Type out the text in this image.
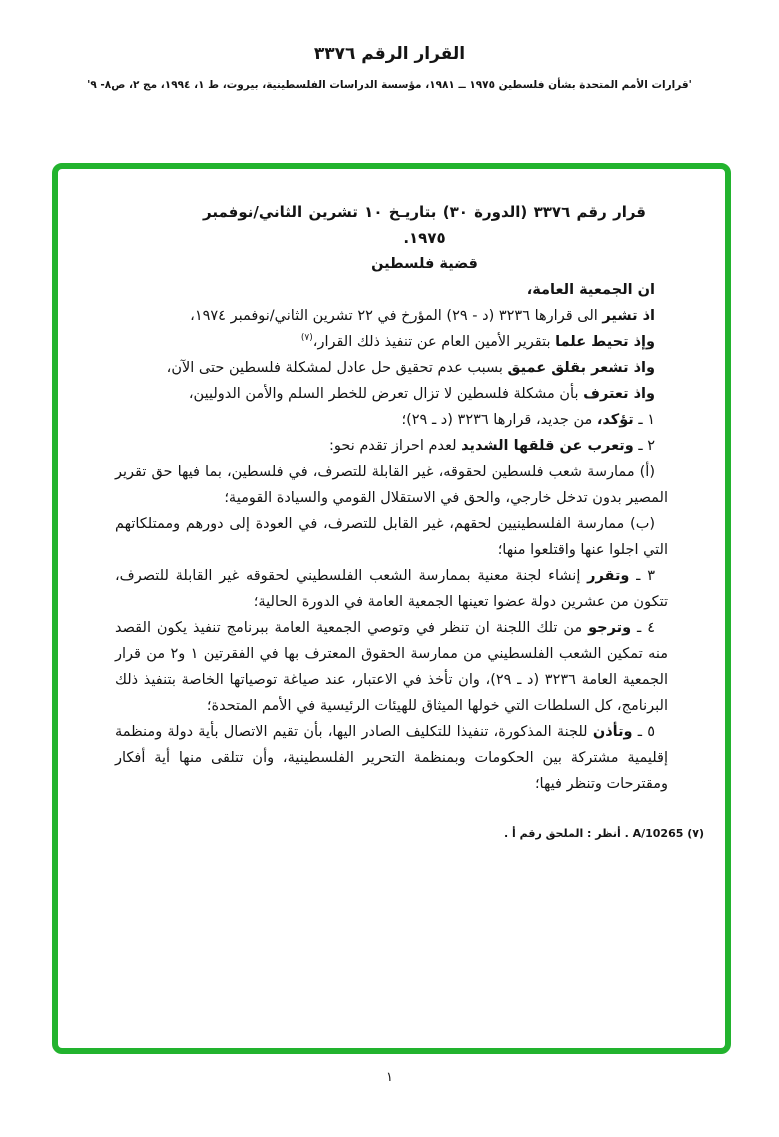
القرار الرقم ٣٣٧٦
'قرارات الأمم المتحدة بشأن فلسطين ١٩٧٥ ــ ١٩٨١، مؤسسة الدراسات الفلسطينية، بيروت، ط ١، ١٩٩٤، مج ٢، ص٨- ٩'
قرار رقم ٣٣٧٦ (الدورة ٣٠) بتاريـخ ١٠ تشرين الثاني/نوفمبر
١٩٧٥.
قضية فلسطين

ان الجمعية العامة،

اذ تشير الى قرارها ٣٢٣٦ (د - ٢٩) المؤرخ في ٢٢ تشرين الثاني/نوفمبر ١٩٧٤،

وإذ تحيط علما بتقرير الأمين العام عن تنفيذ ذلك القرار،$^{(٧)}$

واذ تشعر بقلق عميق بسبب عدم تحقيق حل عادل لمشكلة فلسطين حتى الآن،

واذ تعترف بأن مشكلة فلسطين لا تزال تعرض للخطر السلم والأمن الدوليين،

١ ـ تؤكد، من جديد، قرارها ٣٢٣٦ (د ـ ٢٩)؛

٢ ـ وتعرب عن قلقها الشديد لعدم احراز تقدم نحو:

(أ) ممارسة شعب فلسطين لحقوقه، غير القابلة للتصرف، في فلسطين، بما فيها حق تقرير المصير بدون تدخل خارجي، والحق في الاستقلال القومي والسيادة القومية؛

(ب) ممارسة الفلسطينيين لحقهم، غير القابل للتصرف، في العودة إلى دورهم وممتلكاتهم التي اجلوا عنها واقتلعوا منها؛

٣ ـ وتقرر إنشاء لجنة معنية بممارسة الشعب الفلسطيني لحقوقه غير القابلة للتصرف، تتكون من عشرين دولة عضوا تعينها الجمعية العامة في الدورة الحالية؛

٤ ـ وترجو من تلك اللجنة ان تنظر في وتوصي الجمعية العامة ببرنامج تنفيذ يكون القصد منه تمكين الشعب الفلسطيني من ممارسة الحقوق المعترف بها في الفقرتين ١ و٢ من قرار الجمعية العامة ٣٢٣٦ (د ـ ٢٩)، وان تأخذ في الاعتبار، عند صياغة توصياتها الخاصة بتنفيذ ذلك البرنامج، كل السلطات التي خولها الميثاق للهيئات الرئيسية في الأمم المتحدة؛

٥ ـ وتأذن للجنة المذكورة، تنفيذا للتكليف الصادر اليها، بأن تقيم الاتصال بأية دولة ومنظمة إقليمية مشتركة بين الحكومات وبمنظمة التحرير الفلسطينية، وأن تتلقى منها أية أفكار ومقترحات وتنظر فيها؛

(٧) A/10265 . أنظر : الملحق رقم أ .
١
